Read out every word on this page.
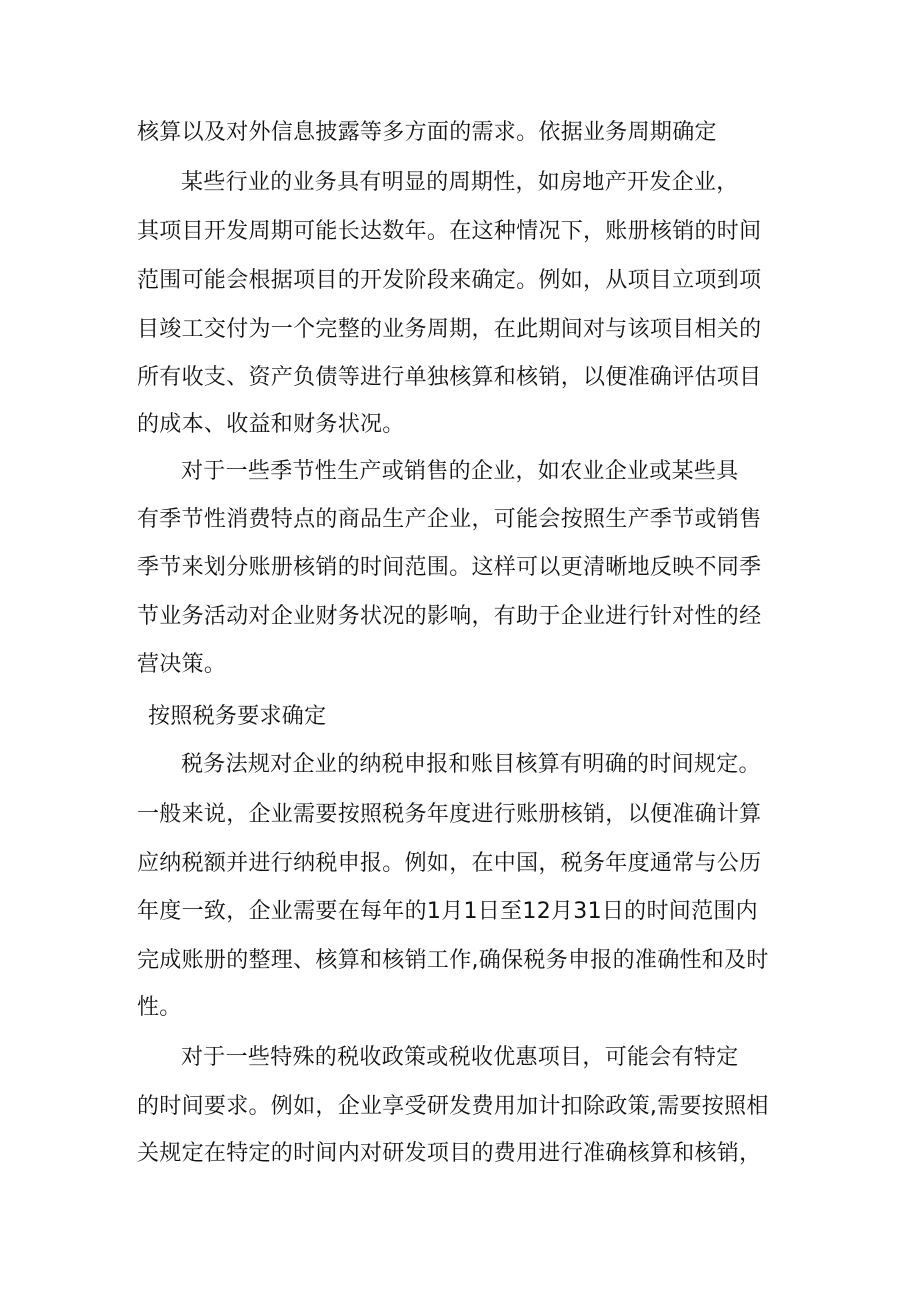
核算以及对外信息披露等多方面的需求。依据业务周期确定
某些行业的业务具有明显的周期性，如房地产开发企业，
其项目开发周期可能长达数年。在这种情况下，账册核销的时间
范围可能会根据项目的开发阶段来确定。例如，从项目立项到项
目竣工交付为一个完整的业务周期，在此期间对与该项目相关的
所有收支、资产负债等进行单独核算和核销，以便准确评估项目
的成本、收益和财务状况。
对于一些季节性生产或销售的企业，如农业企业或某些具
有季节性消费特点的商品生产企业，可能会按照生产季节或销售
季节来划分账册核销的时间范围。这样可以更清晰地反映不同季
节业务活动对企业财务状况的影响，有助于企业进行针对性的经
营决策。
按照税务要求确定
税务法规对企业的纳税申报和账目核算有明确的时间规定。
一般来说，企业需要按照税务年度进行账册核销，以便准确计算
应纳税额并进行纳税申报。例如，在中国，税务年度通常与公历
年度一致，企业需要在每年的1月1日至12月31日的时间范围内
完成账册的整理、核算和核销工作,确保税务申报的准确性和及时
性。
对于一些特殊的税收政策或税收优惠项目，可能会有特定
的时间要求。例如，企业享受研发费用加计扣除政策,需要按照相
关规定在特定的时间内对研发项目的费用进行准确核算和核销，
